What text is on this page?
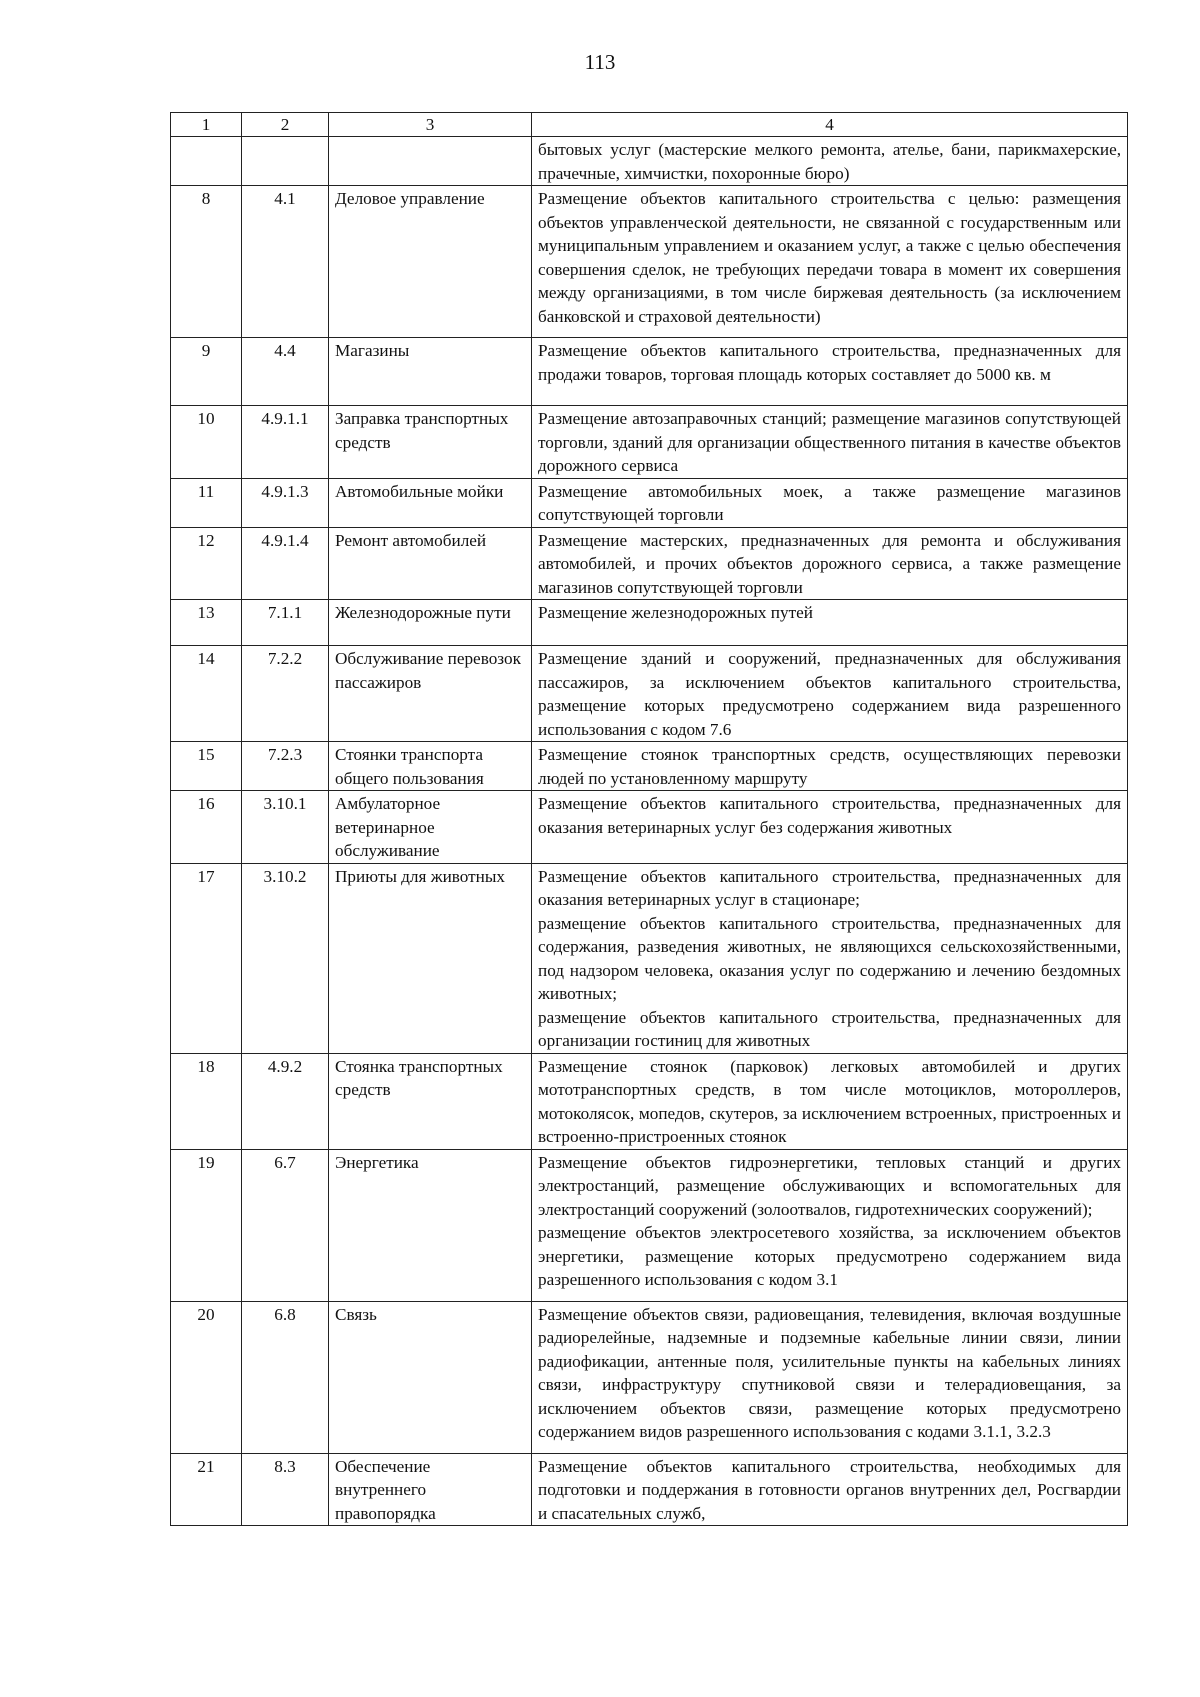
113
1	2	3	4
			бытовых услуг (мастерские мелкого ремонта, ателье, бани, парикмахерские, прачечные, химчистки, похоронные бюро)
8	4.1	Деловое управление	Размещение объектов капитального строительства с целью: размещения объектов управленческой деятельности, не связанной с государственным или муниципальным управлением и оказанием услуг, а также с целью обеспечения совершения сделок, не требующих передачи товара в момент их совершения между организациями, в том числе биржевая деятельность (за исключением банковской и страховой деятельности)
9	4.4	Магазины	Размещение объектов капитального строительства, предназначенных для продажи товаров, торговая площадь которых составляет до 5000 кв. м
10	4.9.1.1	Заправка транспортных средств	Размещение автозаправочных станций; размещение магазинов сопутствующей торговли, зданий для организации общественного питания в качестве объектов дорожного сервиса
11	4.9.1.3	Автомобильные мойки	Размещение автомобильных моек, а также размещение магазинов сопутствующей торговли
12	4.9.1.4	Ремонт автомобилей	Размещение мастерских, предназначенных для ремонта и обслуживания автомобилей, и прочих объектов дорожного сервиса, а также размещение магазинов сопутствующей торговли
13	7.1.1	Железнодорожные пути	Размещение железнодорожных путей
14	7.2.2	Обслуживание перевозок пассажиров	Размещение зданий и сооружений, предназначенных для обслуживания пассажиров, за исключением объектов капитального строительства, размещение которых предусмотрено содержанием вида разрешенного использования с кодом 7.6
15	7.2.3	Стоянки транспорта общего пользования	Размещение стоянок транспортных средств, осуществляющих перевозки людей по установленному маршруту
16	3.10.1	Амбулаторное ветеринарное обслуживание	Размещение объектов капитального строительства, предназначенных для оказания ветеринарных услуг без содержания животных
17	3.10.2	Приюты для животных	Размещение объектов капитального строительства, предназначенных для оказания ветеринарных услуг в стационаре;
размещение объектов капитального строительства, предназначенных для содержания, разведения животных, не являющихся сельскохозяйственными, под надзором человека, оказания услуг по содержанию и лечению бездомных животных;
размещение объектов капитального строительства, предназначенных для организации гостиниц для животных
18	4.9.2	Стоянка транспортных средств	Размещение стоянок (парковок) легковых автомобилей и других мототранспортных средств, в том числе мотоциклов, мотороллеров, мотоколясок, мопедов, скутеров, за исключением встроенных, пристроенных и встроенно-пристроенных стоянок
19	6.7	Энергетика	Размещение объектов гидроэнергетики, тепловых станций и других электростанций, размещение обслуживающих и вспомогательных для электростанций сооружений (золоотвалов, гидротехнических сооружений);
размещение объектов электросетевого хозяйства, за исключением объектов энергетики, размещение которых предусмотрено содержанием вида разрешенного использования с кодом 3.1
20	6.8	Связь	Размещение объектов связи, радиовещания, телевидения, включая воздушные радиорелейные, надземные и подземные кабельные линии связи, линии радиофикации, антенные поля, усилительные пункты на кабельных линиях связи, инфраструктуру спутниковой связи и телерадиовещания, за исключением объектов связи, размещение которых предусмотрено содержанием видов разрешенного использования с кодами 3.1.1, 3.2.3
21	8.3	Обеспечение внутреннего правопорядка	Размещение объектов капитального строительства, необходимых для подготовки и поддержания в готовности органов внутренних дел, Росгвардии и спасательных служб,
